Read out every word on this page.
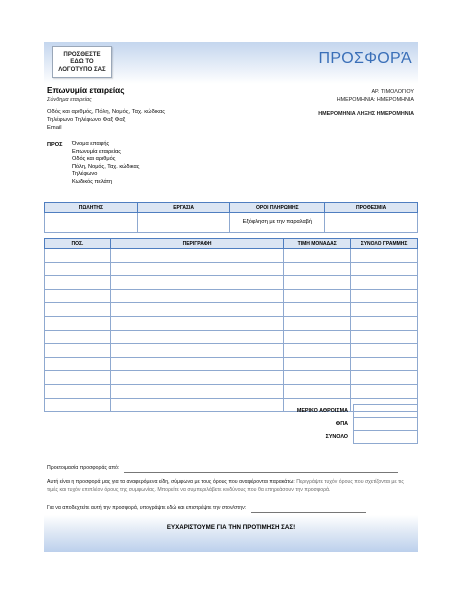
ΠΡΟΣΘΕΣΤΕ
ΕΔΩ ΤΟ
ΛΟΓΟΤΥΠΟ ΣΑΣ
ΠΡΟΣΦΟΡΆ
Επωνυμία εταιρείας
Σύνθημα εταιρείας
ΑΡ. ΤΙΜΟΛΟΓΙΟΥ
ΗΜΕΡΟΜΗΝΙΑ: ΗΜΕΡΟΜΗΝΙΑ
ΗΜΕΡΟΜΗΝΙΑ ΛΗΞΗΣ ΗΜΕΡΟΜΗΝΙΑ
Οδός και αριθμός, Πόλη, Νομός, Ταχ. κώδικας
Τηλέφωνο Τηλέφωνο Φαξ Φαξ
Email
ΠΡΟΣ Όνομα επαφής
Επωνυμία εταιρείας
Οδός και αριθμός
Πόλη, Νομός, Ταχ. κώδικας
Τηλέφωνο
Κωδικός πελάτη
ΠΩΛΗΤΗΣ	ΕΡΓΑΣΙΑ	ΟΡΟΙ ΠΛΗΡΩΜΗΣ	ΠΡΟΘΕΣΜΙΑ
		Εξόφληση με την παραλαβή	
ΠΟΣ.	ΠΕΡΙΓΡΑΦΗ	ΤΙΜΗ ΜΟΝΑΔΑΣ	ΣΥΝΟΛΟ ΓΡΑΜΜΗΣ

ΜΕΡΙΚΟ ΑΘΡΟΙΣΜΑ
ΦΠΑ
ΣΥΝΟΛΟ
Προετοιμασία προσφοράς από:
Αυτή είναι η προσφορά μας για τα αναφερόμενα είδη, σύμφωνα με τους όρους που αναφέρονται παρακάτω: Περιγράψτε τυχόν όρους που σχετίζονται με τις τιμές και τυχόν επιπλέον όρους της συμφωνίας. Μπορείτε να συμπεριλάβετε κινδύνους που θα επηρεάσουν την προσφορά.
Για να αποδεχτείτε αυτή την προσφορά, υπογράψτε εδώ και επιστρέψτε την στον/στην:
ΕΥΧΑΡΙΣΤΟΥΜΕ ΓΙΑ ΤΗΝ ΠΡΟΤΙΜΗΣΗ ΣΑΣ!
